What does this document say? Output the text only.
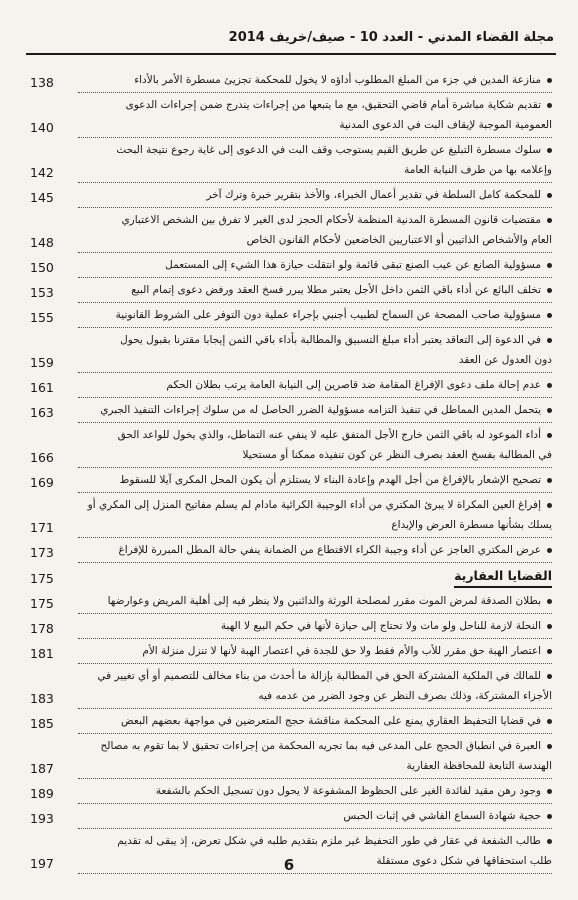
مجلة القضاء المدني - العدد 10 - صيف/خريف 2014
منازعة المدين في جزء من المبلغ المطلوب أداؤه لا يخول للمحكمة تجزيئ مسطرة الأمر بالأداء
138
تقديم شكاية مباشرة أمام قاضي التحقيق، مع ما يتبعها من إجراءات يندرج ضمن إجراءات الدعوى
العمومية الموجبة لإيقاف البت في الدعوى المدنية
140
سلوك مسطرة التبليغ عن طريق القيم يستوجب وقف البت في الدعوى إلى غاية رجوع نتيجة البحث
وإعلامه بها من طرف النيابة العامة
142
للمحكمة كامل السلطة في تقدير أعمال الخبراء، والأخذ بتقرير خبرة وترك آخر
145
مقتضيات قانون المسطرة المدنية المنظمة لأحكام الحجز لدى الغير لا تفرق بين الشخص الاعتباري
العام والأشخاص الذاتيين أو الاعتباريين الخاضعين لأحكام القانون الخاص
148
مسؤولية الصانع عن عيب الصنع تبقى قائمة ولو انتقلت حيازة هذا الشيء إلى المستعمل
150
تخلف البائع عن أداء باقي الثمن داخل الأجل يعتبر مطلا يبرر فسخ العقد ورفض دعوى إتمام البيع
153
مسؤولية صاحب المصحة عن السماح لطبيب أجنبي بإجراء عملية دون التوفر على الشروط القانونية
155
في الدعوة إلى التعاقد يعتبر أداء مبلغ التسبيق والمطالبة بأداء باقي الثمن إيجابا مقترنا بقبول يحول
دون العدول عن العقد
159
عدم إحالة ملف دعوى الإفراغ المقامة ضد قاصرين إلى النيابة العامة يرتب بطلان الحكم
161
يتحمل المدين المماطل في تنفيذ التزامه مسؤولية الضرر الحاصل له من سلوك إجراءات التنفيذ الجبري
163
أداء الموعود له باقي الثمن خارج الأجل المتفق عليه لا ينفي عنه التماطل، والذي يخول للواعد الحق
في المطالبة بفسخ العقد بصرف النظر عن كون تنفيذه ممكنا أو مستحيلا
166
تصحيح الإشعار بالإفراغ من أجل الهدم وإعادة البناء لا يستلزم أن يكون المحل المكرى آيلا للسقوط
169
إفراغ العين المكراة لا يبرئ المكتري من أداء الوجيبة الكرائية مادام لم يسلم مفاتيح المنزل إلى المكري أو
يسلك بشأنها مسطرة العرض والإيداع
171
عرض المكتري العاجز عن أداء وجيبة الكراء الاقتطاع من الضمانة ينفي حالة المطل المبررة للإفراغ
173
القضايا العقارية
175
بطلان الصدقة لمرض الموت مقرر لمصلحة الورثة والدائنين ولا ينظر فيه إلى أهلية المريض وعوارضها
175
النحلة لازمة للناحل ولو مات ولا تحتاج إلى حيازة لأنها في حكم البيع لا الهبة
178
اعتصار الهبة حق مقرر للأب والأم فقط ولا حق للجدة في اعتصار الهبة لأنها لا تنزل منزلة الأم
181
للمالك في الملكية المشتركة الحق في المطالبة بإزالة ما أحدث من بناء مخالف للتصميم أو أي تغيير في
الأجزاء المشتركة، وذلك بصرف النظر عن وجود الضرر من عدمه فيه
183
في قضايا التحفيظ العقاري يمنع على المحكمة مناقشة حجج المتعرضين في مواجهة بعضهم البعض
185
العبرة في انطباق الحجج على المدعى فيه بما تجريه المحكمة من إجراءات تحقيق لا بما تقوم به مصالح
الهندسة التابعة للمحافظة العقارية
187
وجود رهن مقيد لفائدة الغير على الحظوظ المشفوعة لا يحول دون تسجيل الحكم بالشفعة
189
حجية شهادة السماع الفاشي في إثبات الحبس
193
طالب الشفعة في عقار في طور التحفيظ غير ملزم بتقديم طلبه في شكل تعرض، إذ يبقى له تقديم
طلب استحقاقها في شكل دعوى مستقلة
197	6
